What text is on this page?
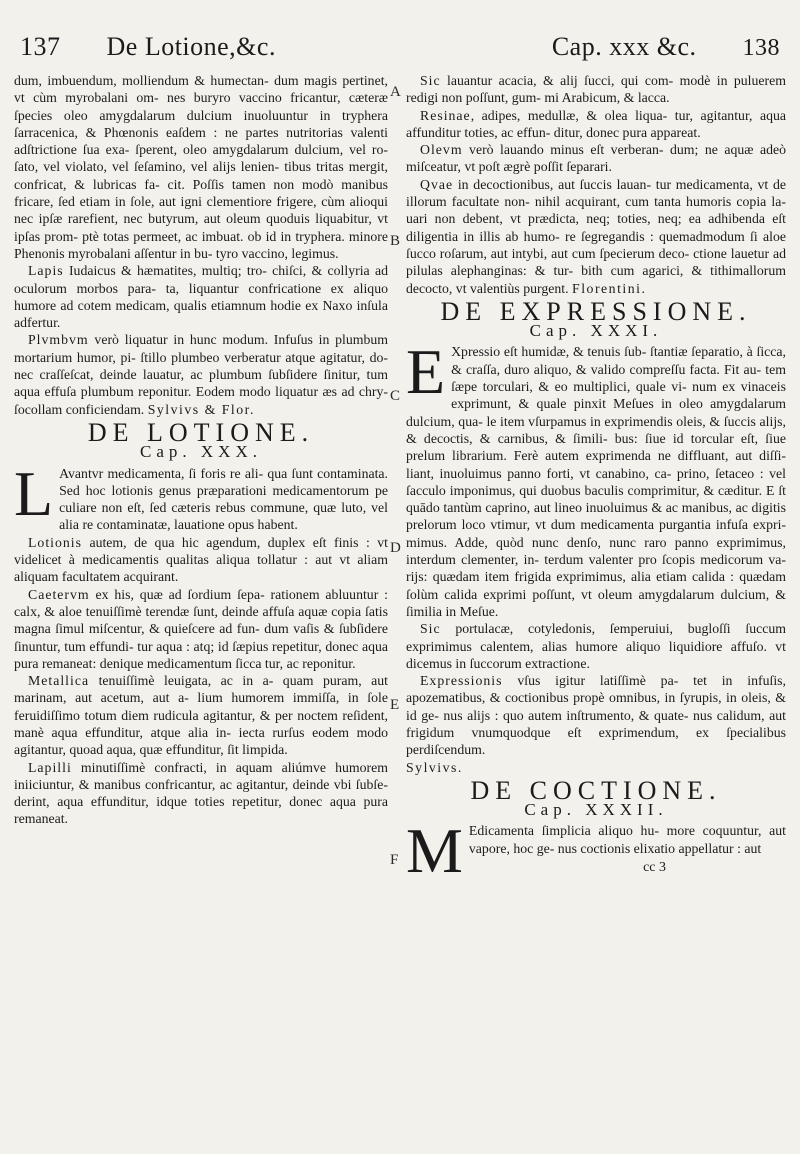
137 De Lotione,&c.	Cap. xxx &c. 138
A
B
C
D
E
F

dum, imbuendum, molliendum & humectan- dum magis pertinet, vt cùm myrobalani om- nes buryro vaccino fricantur, cæteræ ſpecies oleo amygdalarum dulcium inuoluuntur in tryphera ſarracenica, & Phœnonis eaſdem : ne partes nutritorias valenti adſtrictione ſua exa- ſperent, oleo amygdalarum dulcium, vel ro- ſato, vel violato, vel ſeſamino, vel alijs lenien- tibus tritas mergit, confricat, & lubricas fa- cit. Poſſis tamen non modò manibus fricare, ſed etiam in ſole, aut igni clementiore frigere, cùm alioqui nec ipſæ rarefient, nec butyrum, aut oleum quoduis liquabitur, vt ipſas prom- ptè totas permeet, ac imbuat. ob id in tryphera. minore Phenonis myrobalani aſſentur in bu- tyro vaccino, legimus.

Lapis Iudaicus & hæmatites, multiq; tro- chiſci, & collyria ad oculorum morbos para- ta, liquantur confricatione ex aliquo humore ad cotem medicam, qualis etiamnum hodie ex Naxo inſula adfertur.

Plvmbvm verò liquatur in hunc modum. Infuſus in plumbum mortarium humor, pi- ſtillo plumbeo verberatur atque agitatur, do- nec craſſeſcat, deinde lauatur, ac plumbum ſubſidere ſinitur, tum aqua effuſa plumbum reponitur. Eodem modo liquatur æs ad chry- ſocollam conficiendam. Sylvivs & Flor.

DE LOTIONE.
Cap. XXX.

L Avantvr medicamenta, ſi foris re ali- qua ſunt contaminata. Sed hoc lotionis genus præparationi medicamentorum pe culiare non eſt, ſed cæteris rebus commune, quæ luto, vel alia re contaminatæ, lauatione opus habent.

Lotionis autem, de qua hic agendum, duplex eſt finis : vt videlicet à medicamentis qualitas aliqua tollatur : aut vt aliam aliquam facultatem acquirant.

Caetervm ex his, quæ ad ſordium ſepa- rationem abluuntur : calx, & aloe tenuiſſimè terendæ ſunt, deinde affuſa aquæ copia ſatis magna ſimul miſcentur, & quieſcere ad fun- dum vaſis & ſubſidere ſinuntur, tum effundi- tur aqua : atq; id ſæpius repetitur, donec aqua pura remaneat: denique medicamentum ſicca tur, ac reponitur.

Metallica tenuiſſimè leuigata, ac in a- quam puram, aut marinam, aut acetum, aut a- lium humorem immiſſa, in ſole feruidiſſimo totum diem rudicula agitantur, & per noctem reſident, manè aqua effunditur, atque alia in- iecta rurſus eodem modo agitantur, quoad aqua, quæ effunditur, ſit limpida.

Lapilli minutiſſimè confracti, in aquam aliúmve humorem iniiciuntur, & manibus confricantur, ac agitantur, deinde vbi ſubſe- derint, aqua effunditur, idque toties repetitur, donec aqua pura remaneat.

Sic lauantur acacia, & alij ſucci, qui com- modè in puluerem redigi non poſſunt, gum- mi Arabicum, & lacca.

Resinae, adipes, medullæ, & olea liqua- tur, agitantur, aqua affunditur toties, ac effun- ditur, donec pura appareat.

Olevm verò lauando minus eſt verberan- dum; ne aquæ adeò miſceatur, vt poſt ægrè poſſit ſeparari.

Qvae in decoctionibus, aut ſuccis lauan- tur medicamenta, vt de illorum facultate non- nihil acquirant, cum tanta humoris copia la- uari non debent, vt prædicta, neq; toties, neq; ea adhibenda eſt diligentia in illis ab humo- re ſegregandis : quemadmodum ſi aloe ſucco roſarum, aut intybi, aut cum ſpecierum deco- ctione lauetur ad pilulas alephanginas: & tur- bith cum agarici, & tithimallorum decocto, vt valentiùs purgent. Florentini.

DE EXPRESSIONE.
Cap. XXXI.

E Xpressio eſt humidæ, & tenuis ſub- ſtantiæ ſeparatio, à ſicca, & craſſa, duro aliquo, & valido compreſſu facta. Fit au- tem ſæpe torculari, & eo multiplici, quale vi- num ex vinaceis exprimunt, & quale pinxit Meſues in oleo amygdalarum dulcium, qua- le item vſurpamus in exprimendis oleis, & ſuccis alijs, & decoctis, & carnibus, & ſimili- bus: ſiue id torcular eſt, ſiue prelum librarium. Ferè autem exprimenda ne diffluant, aut diſſi- liant, inuoluimus panno forti, vt canabino, ca- prino, ſetaceo : vel ſacculo imponimus, qui duobus baculis comprimitur, & cæditur. E ſt quādo tantùm caprino, aut lineo inuoluimus & ac manibus, ac digitis prelorum loco vtimur, vt dum medicamenta purgantia infuſa expri- mimus. Adde, quòd nunc denſo, nunc raro panno exprimimus, interdum clementer, in- terdum valenter pro ſcopis medicorum va- rijs: quædam item frigida exprimimus, alia etiam calida : quædam ſolùm calida exprimi poſſunt, vt oleum amygdalarum dulcium, & ſimilia in Meſue.

Sic portulacæ, cotyledonis, ſemperuiui, bugloſſi ſuccum exprimimus calentem, alias humore aliquo liquidiore affuſo. vt dicemus in ſuccorum extractione.

Expressionis vſus igitur latiſſimè pa- tet in infuſis, apozematibus, & coctionibus propè omnibus, in ſyrupis, in oleis, & id ge- nus alijs : quo autem inſtrumento, & quate- nus calidum, aut frigidum vnumquodque eſt exprimendum, ex ſpecialibus perdiſcendum.
Sylvivs.

DE COCTIONE.
Cap. XXXII.

M Edicamenta ſimplicia aliquo hu- more coquuntur, aut vapore, hoc ge- nus coctionis elixatio appellatur : aut

cc 3
